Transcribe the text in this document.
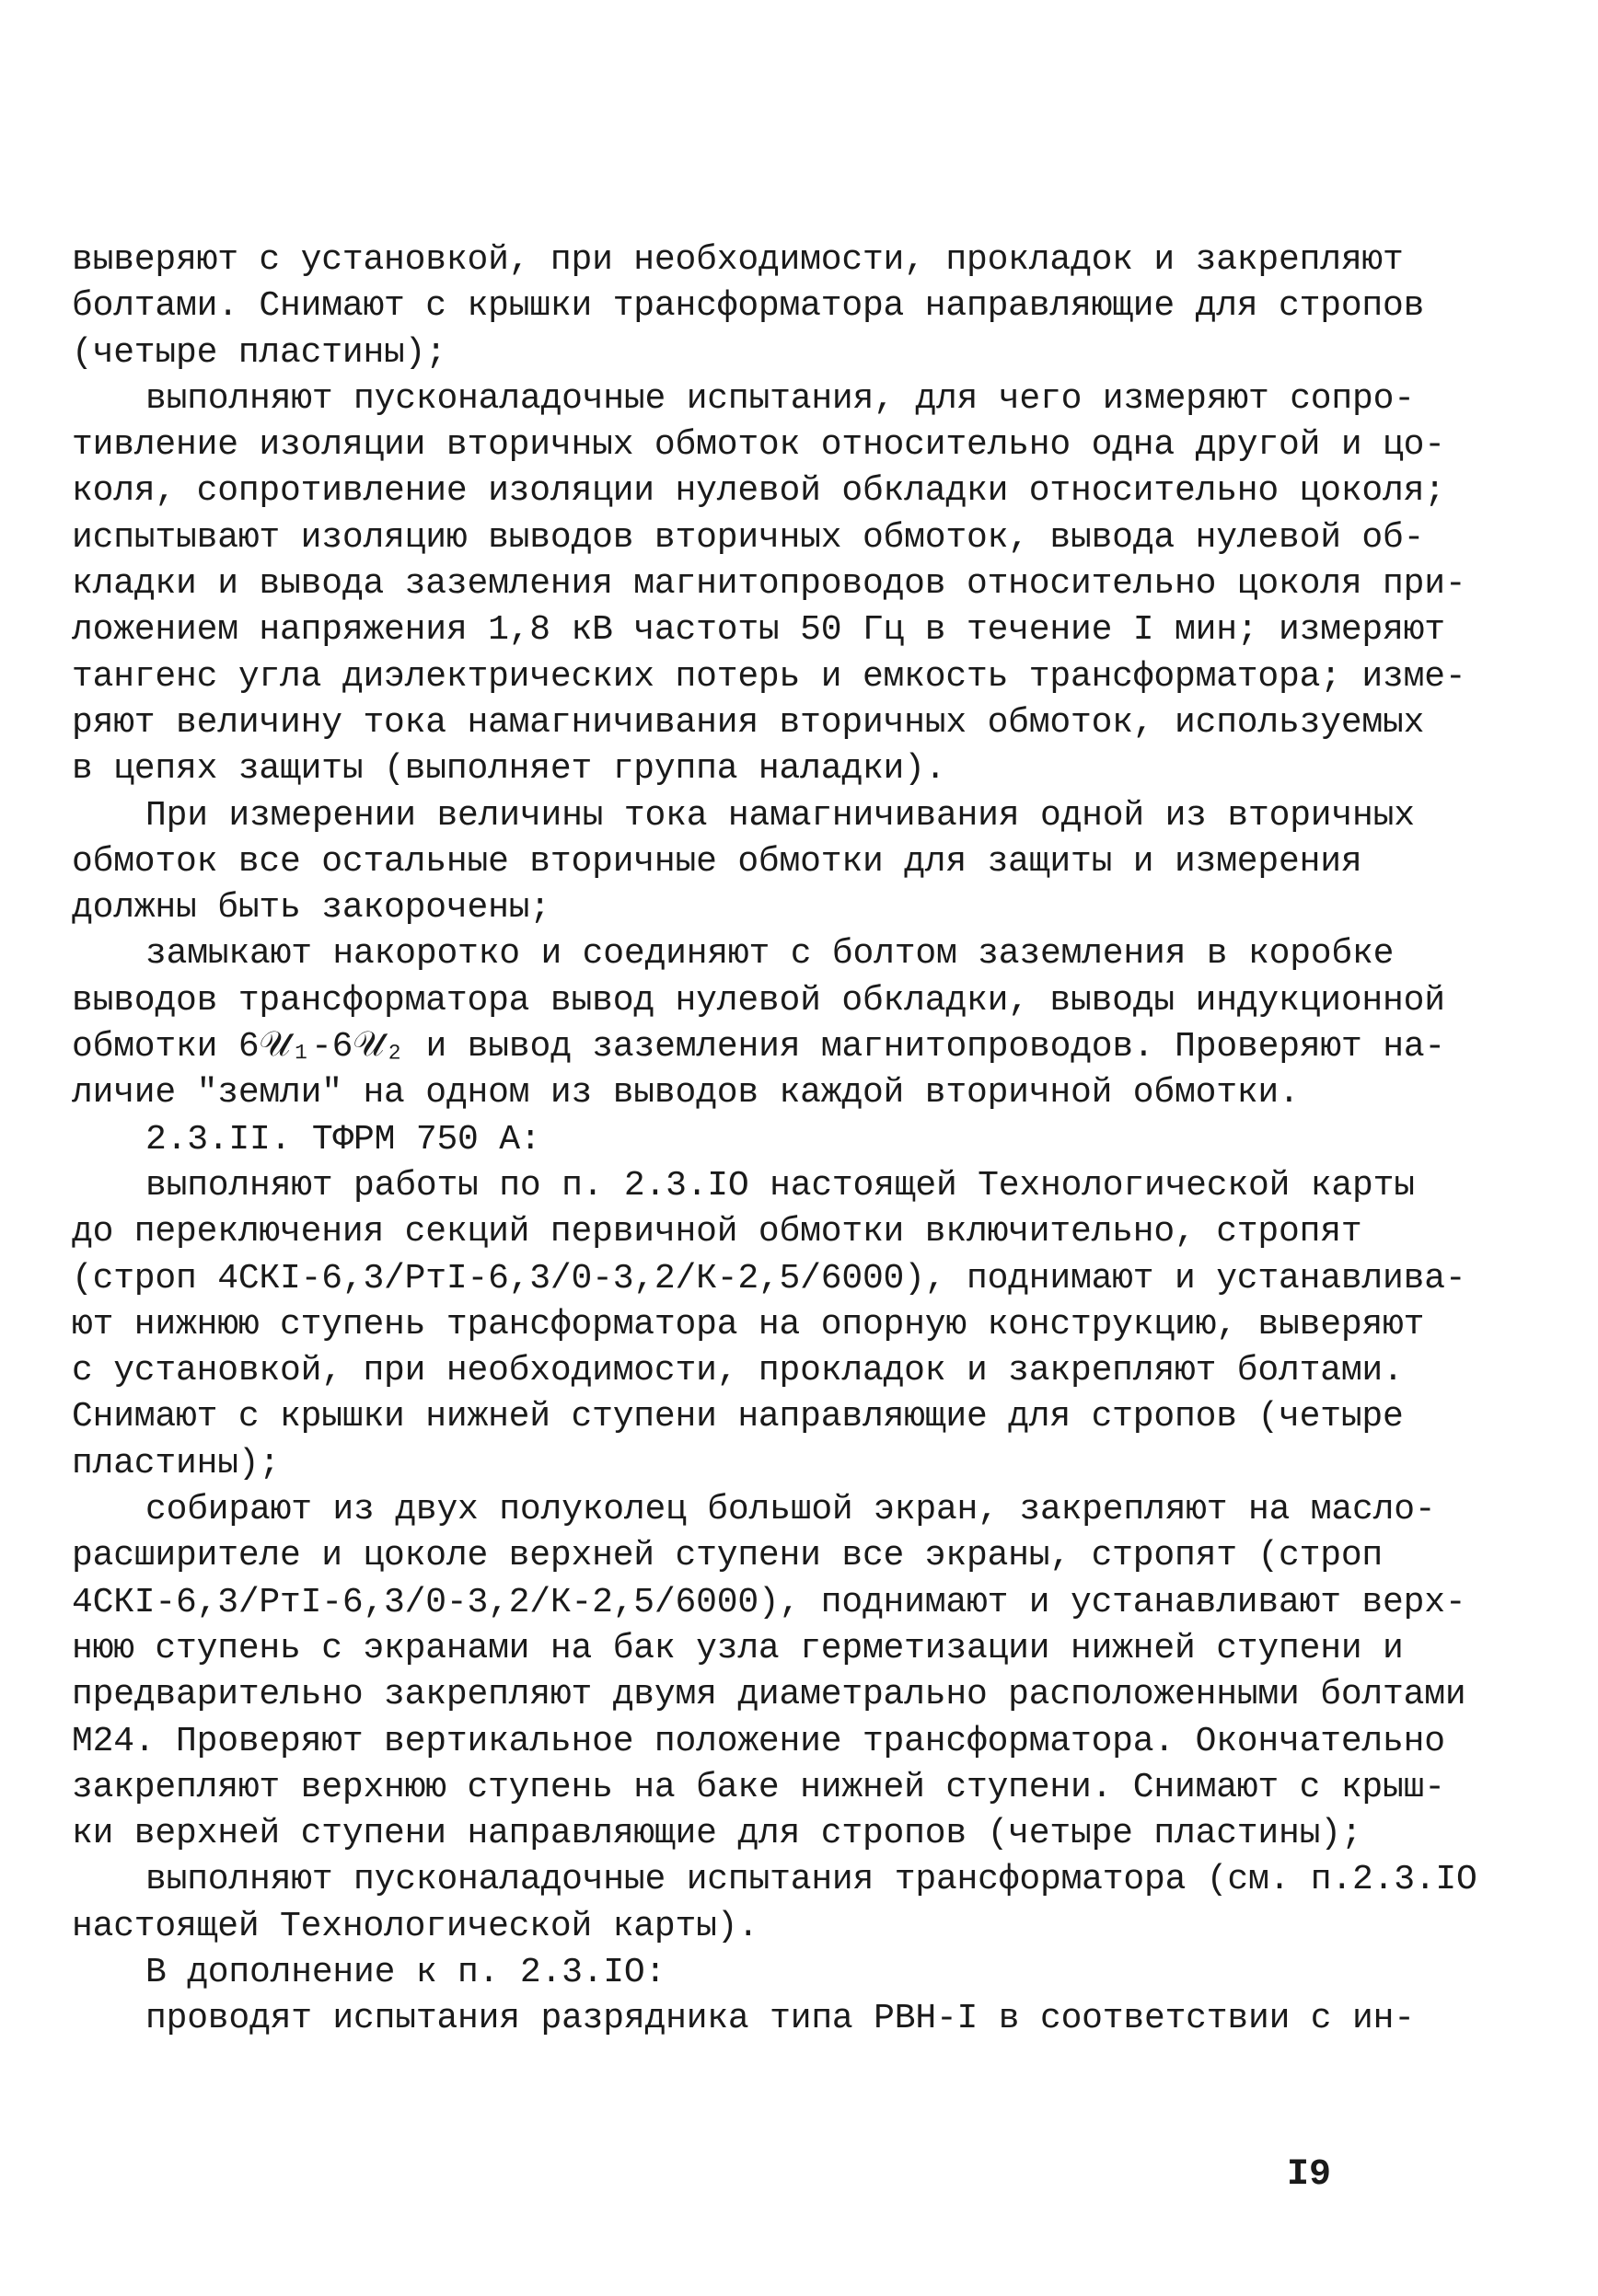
выверяют с установкой, при необходимости, прокладок и закрепляют
болтами. Снимают с крышки трансформатора направляющие для стропов
(четыре пластины);
выполняют пусконаладочные испытания, для чего измеряют сопро-
тивление изоляции вторичных обмоток относительно одна другой и цо-
коля, сопротивление изоляции нулевой обкладки относительно цоколя;
испытывают изоляцию выводов вторичных обмоток, вывода нулевой об-
кладки и вывода заземления магнитопроводов относительно цоколя при-
ложением напряжения 1,8 кВ частоты 50 Гц в течение I мин; измеряют
тангенс угла диэлектрических потерь и емкость трансформатора; изме-
ряют величину тока намагничивания вторичных обмоток, используемых
в цепях защиты (выполняет группа наладки).
При измерении величины тока намагничивания одной из вторичных
обмоток все остальные вторичные обмотки для защиты и измерения
должны быть закорочены;
замыкают накоротко и соединяют с болтом заземления в коробке
выводов трансформатора вывод нулевой обкладки, выводы индукционной
обмотки 6𝒰₁-6𝒰₂ и вывод заземления магнитопроводов. Проверяют на-
личие "земли" на одном из выводов каждой вторичной обмотки.
2.3.II. ТФРМ 750 А:
выполняют работы по п. 2.3.IO настоящей Технологической карты
до переключения секций первичной обмотки включительно, стропят
(строп 4СКI-6,3/РтI-6,3/0-3,2/К-2,5/6000), поднимают и устанавлива-
ют нижнюю ступень трансформатора на опорную конструкцию, выверяют
с установкой, при необходимости, прокладок и закрепляют болтами.
Снимают с крышки нижней ступени направляющие для стропов (четыре
пластины);
собирают из двух полуколец большой экран, закрепляют на масло-
расширителе и цоколе верхней ступени все экраны, стропят (строп
4СКI-6,3/РтI-6,3/0-3,2/К-2,5/6000), поднимают и устанавливают верх-
нюю ступень с экранами на бак узла герметизации нижней ступени и
предварительно закрепляют двумя диаметрально расположенными болтами
М24. Проверяют вертикальное положение трансформатора. Окончательно
закрепляют верхнюю ступень на баке нижней ступени. Снимают с крыш-
ки верхней ступени направляющие для стропов (четыре пластины);
выполняют пусконаладочные испытания трансформатора (см. п.2.3.IO
настоящей Технологической карты).
В дополнение к п. 2.3.IO:
проводят испытания разрядника типа РВН-I в соответствии с ин-
I9
